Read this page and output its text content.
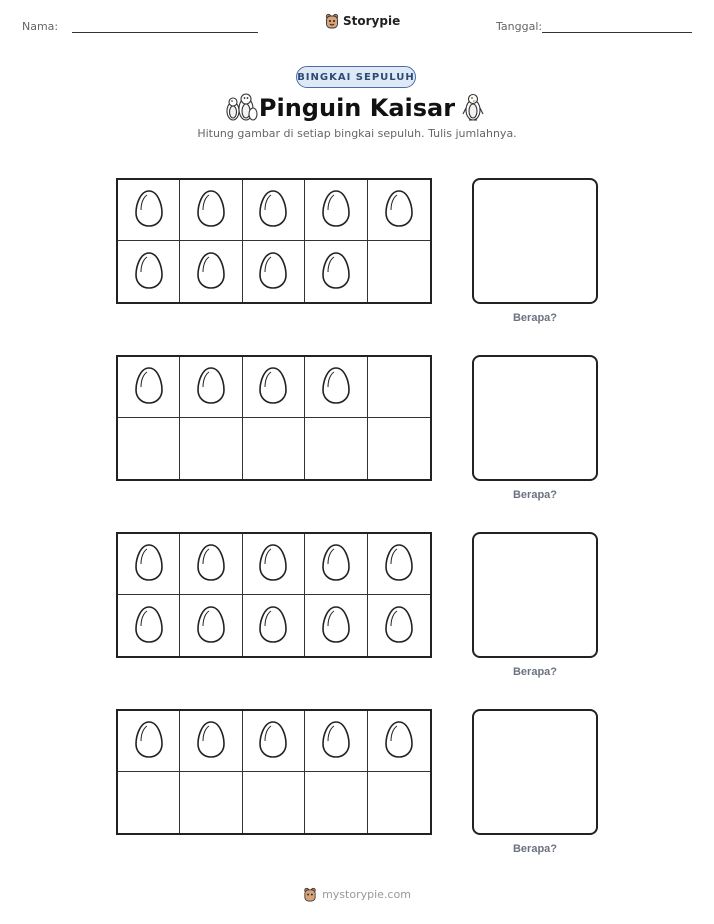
Nama:	Storypie	Tanggal:
BINGKAI SEPULUH
Pinguin Kaisar
Hitung gambar di setiap bingkai sepuluh. Tulis jumlahnya.
Berapa?
Berapa?
Berapa?
Berapa?
mystorypie.com
